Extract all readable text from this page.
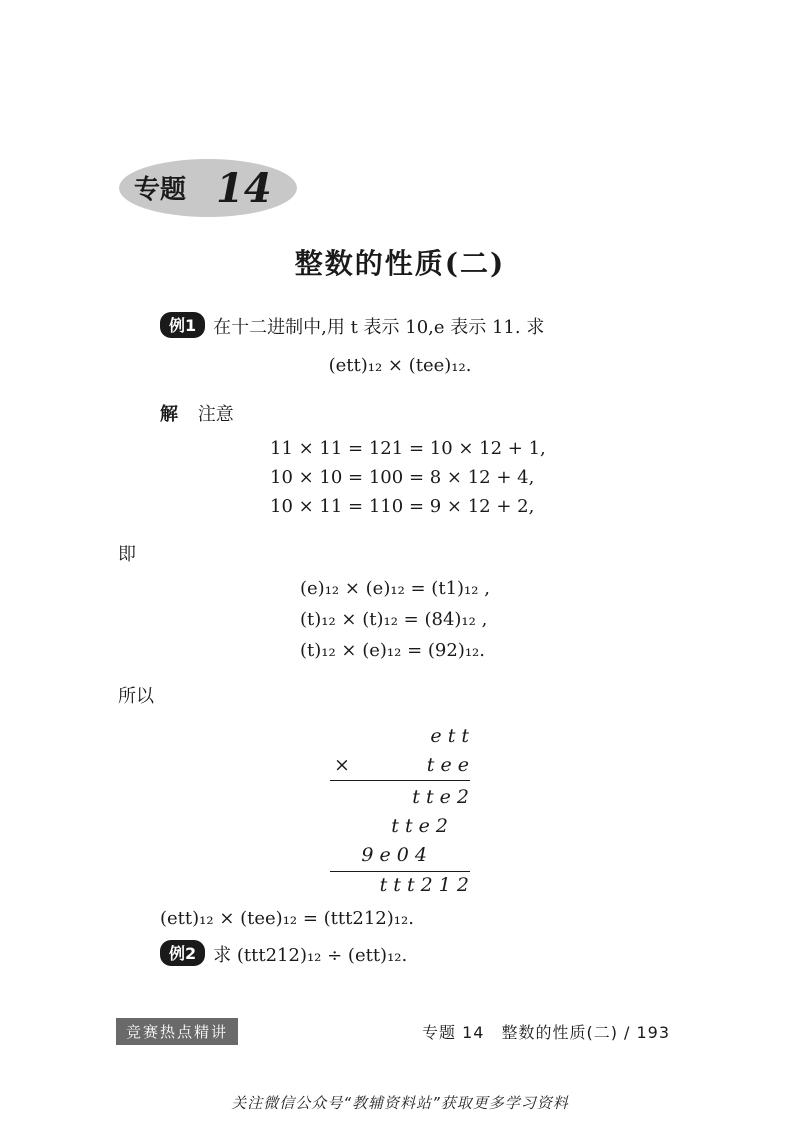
专题 14
整数的性质(二)
例1 在十二进制中,用 t 表示 10,e 表示 11. 求
(ett)₁₂ × (tee)₁₂.
解 注意
11 × 11 = 121 = 10 × 12 + 1,
10 × 10 = 100 = 8 × 12 + 4,
10 × 11 = 110 = 9 × 12 + 2,
即
(e)₁₂ × (e)₁₂ = (t1)₁₂ ,
(t)₁₂ × (t)₁₂ = (84)₁₂ ,
(t)₁₂ × (e)₁₂ = (92)₁₂.
所以
e t t
×	t e e
t t e 2
t t e 2
9 e 0 4
t t t 2 1 2
(ett)₁₂ × (tee)₁₂ = (ttt212)₁₂.
例2 求 (ttt212)₁₂ ÷ (ett)₁₂.
竞赛热点精讲	专题 14　整数的性质(二) / 193
关注微信公众号“教辅资料站”获取更多学习资料
